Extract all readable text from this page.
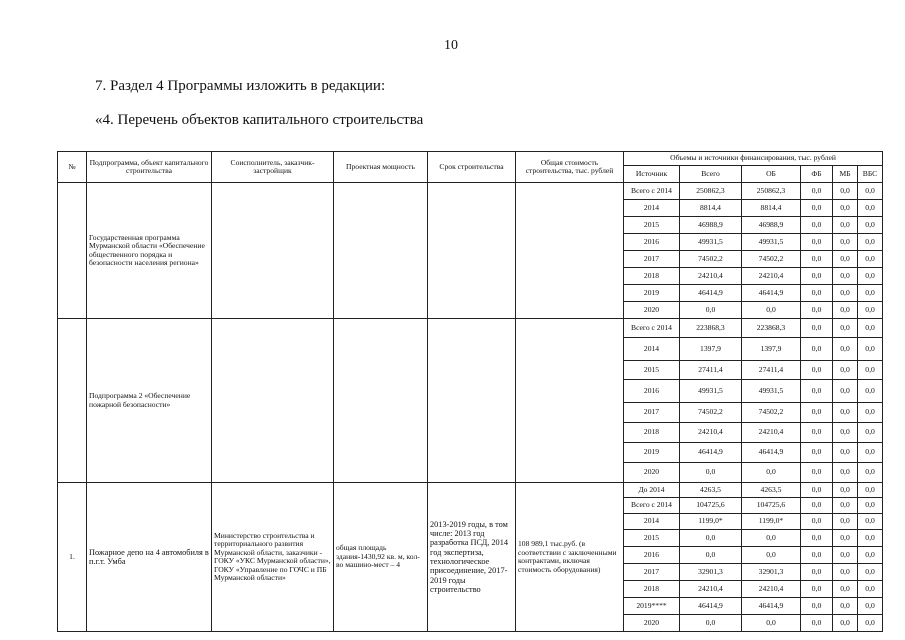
10
7. Раздел 4 Программы изложить в редакции:
«4. Перечень объектов капитального строительства
№	Подпрограмма, объект капитального строительства	Соисполнитель, заказчик-застройщик	Проектная мощность	Срок строительства	Общая стоимость строительства, тыс. рублей	Объемы и источники финансирования, тыс. рублей					
						Источник	Всего	ОБ	ФБ	МБ	ВБС
	Государственная программа Мурманской области «Обеспечение общественного порядка и безопасности населения региона»					Всего с 2014	250862,3	250862,3	0,0	0,0	0,0
						2014	8814,4	8814,4	0,0	0,0	0,0
						2015	46988,9	46988,9	0,0	0,0	0,0
						2016	49931,5	49931,5	0,0	0,0	0,0
						2017	74502,2	74502,2	0,0	0,0	0,0
						2018	24210,4	24210,4	0,0	0,0	0,0
						2019	46414,9	46414,9	0,0	0,0	0,0
						2020	0,0	0,0	0,0	0,0	0,0
	Подпрограмма 2 «Обеспечение пожарной безопасности»					Всего с 2014	223868,3	223868,3	0,0	0,0	0,0
						2014	1397,9	1397,9	0,0	0,0	0,0
						2015	27411,4	27411,4	0,0	0,0	0,0
						2016	49931,5	49931,5	0,0	0,0	0,0
						2017	74502,2	74502,2	0,0	0,0	0,0
						2018	24210,4	24210,4	0,0	0,0	0,0
						2019	46414,9	46414,9	0,0	0,0	0,0
						2020	0,0	0,0	0,0	0,0	0,0
1.	Пожарное депо на 4 автомобиля в п.г.т. Умба	Министерство строительства и территориального развития Мурманской области, заказчики - ГОКУ «УКС Мурманской области», ГОКУ «Управление по ГОЧС и ПБ Мурманской области»	общая площадь здания-1430,92 кв. м, кол-во машино-мест – 4	2013-2019 годы, в том числе: 2013 год разработка ПСД, 2014 год экспертиза, технологическое присоединение, 2017-2019 годы строительство	108 989,1 тыс.руб. (в соответствии с заключенными контрактами, включая стоимость оборудования)	До 2014	4263,5	4263,5	0,0	0,0	0,0
						Всего с 2014	104725,6	104725,6	0,0	0,0	0,0
						2014	1199,0*	1199,0*	0,0	0,0	0,0
						2015	0,0	0,0	0,0	0,0	0,0
						2016	0,0	0,0	0,0	0,0	0,0
						2017	32901,3	32901,3	0,0	0,0	0,0
						2018	24210,4	24210,4	0,0	0,0	0,0
						2019****	46414,9	46414,9	0,0	0,0	0,0
						2020	0,0	0,0	0,0	0,0	0,0
